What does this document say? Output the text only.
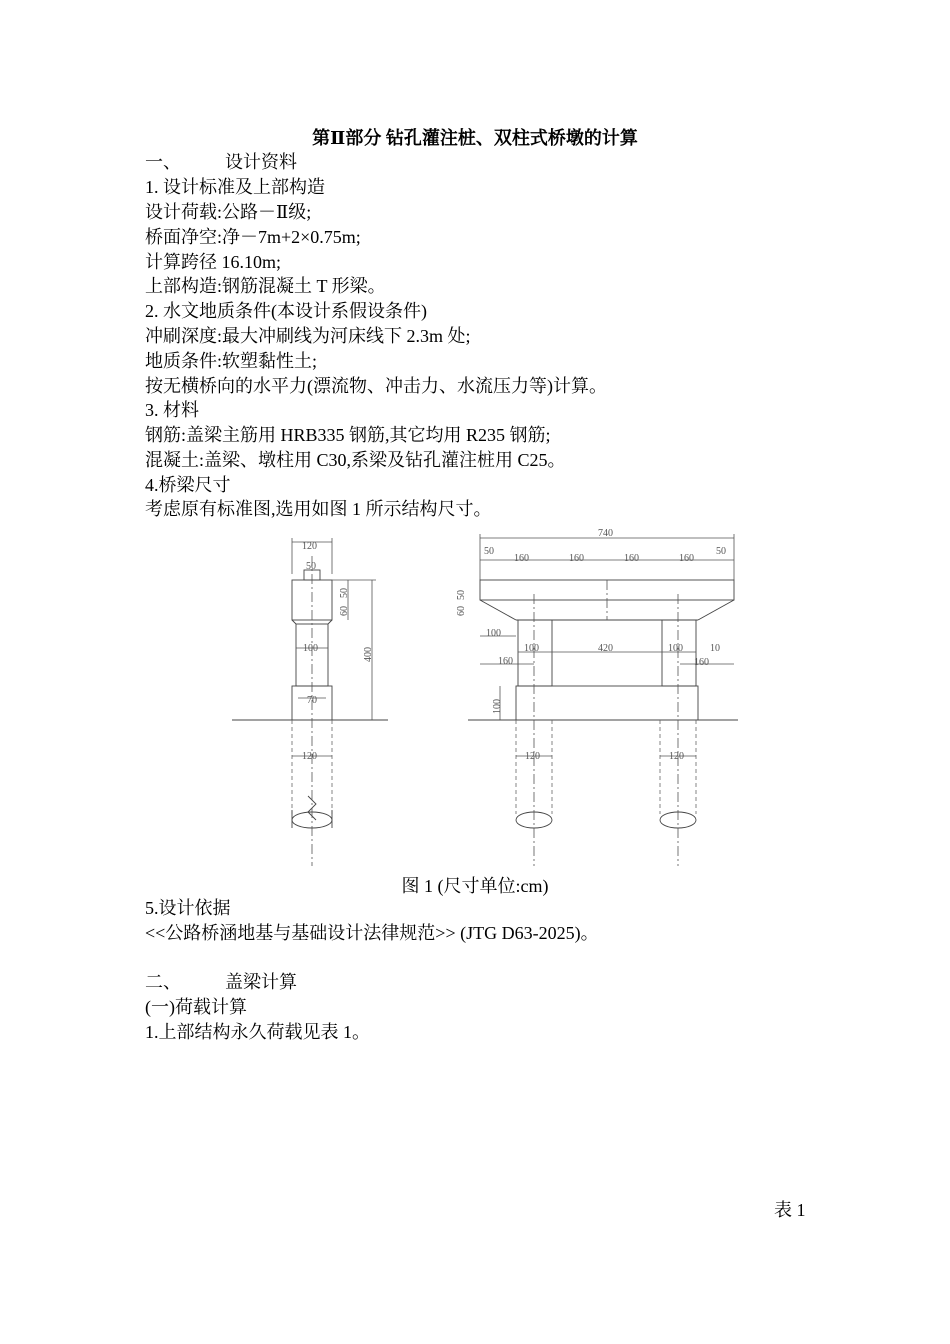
第Ⅱ部分 钻孔灌注桩、双柱式桥墩的计算
一、 设计资料
1. 设计标准及上部构造
设计荷载:公路－Ⅱ级;
桥面净空:净－7m+2×0.75m;
计算跨径 16.10m;
上部构造:钢筋混凝土 T 形梁。
2. 水文地质条件(本设计系假设条件)
冲刷深度:最大冲刷线为河床线下 2.3m 处;
地质条件:软塑黏性土;
按无横桥向的水平力(漂流物、冲击力、水流压力等)计算。
3. 材料
钢筋:盖梁主筋用 HRB335 钢筋,其它均用 R235 钢筋;
混凝土:盖梁、墩柱用 C30,系梁及钻孔灌注桩用 C25。
4.桥梁尺寸
考虑原有标准图,选用如图 1 所示结构尺寸。
120
50
70
100	400
50
60
120
740
50
160	160	160	160
50
50
60
100
100	420	100	10
160	160
100
120	120
图 1 (尺寸单位:cm)
5.设计依据
<<公路桥涵地基与基础设计法律规范>> (JTG D63-2025)。
二、 盖梁计算
(一)荷载计算
1.上部结构永久荷载见表 1。
表 1
